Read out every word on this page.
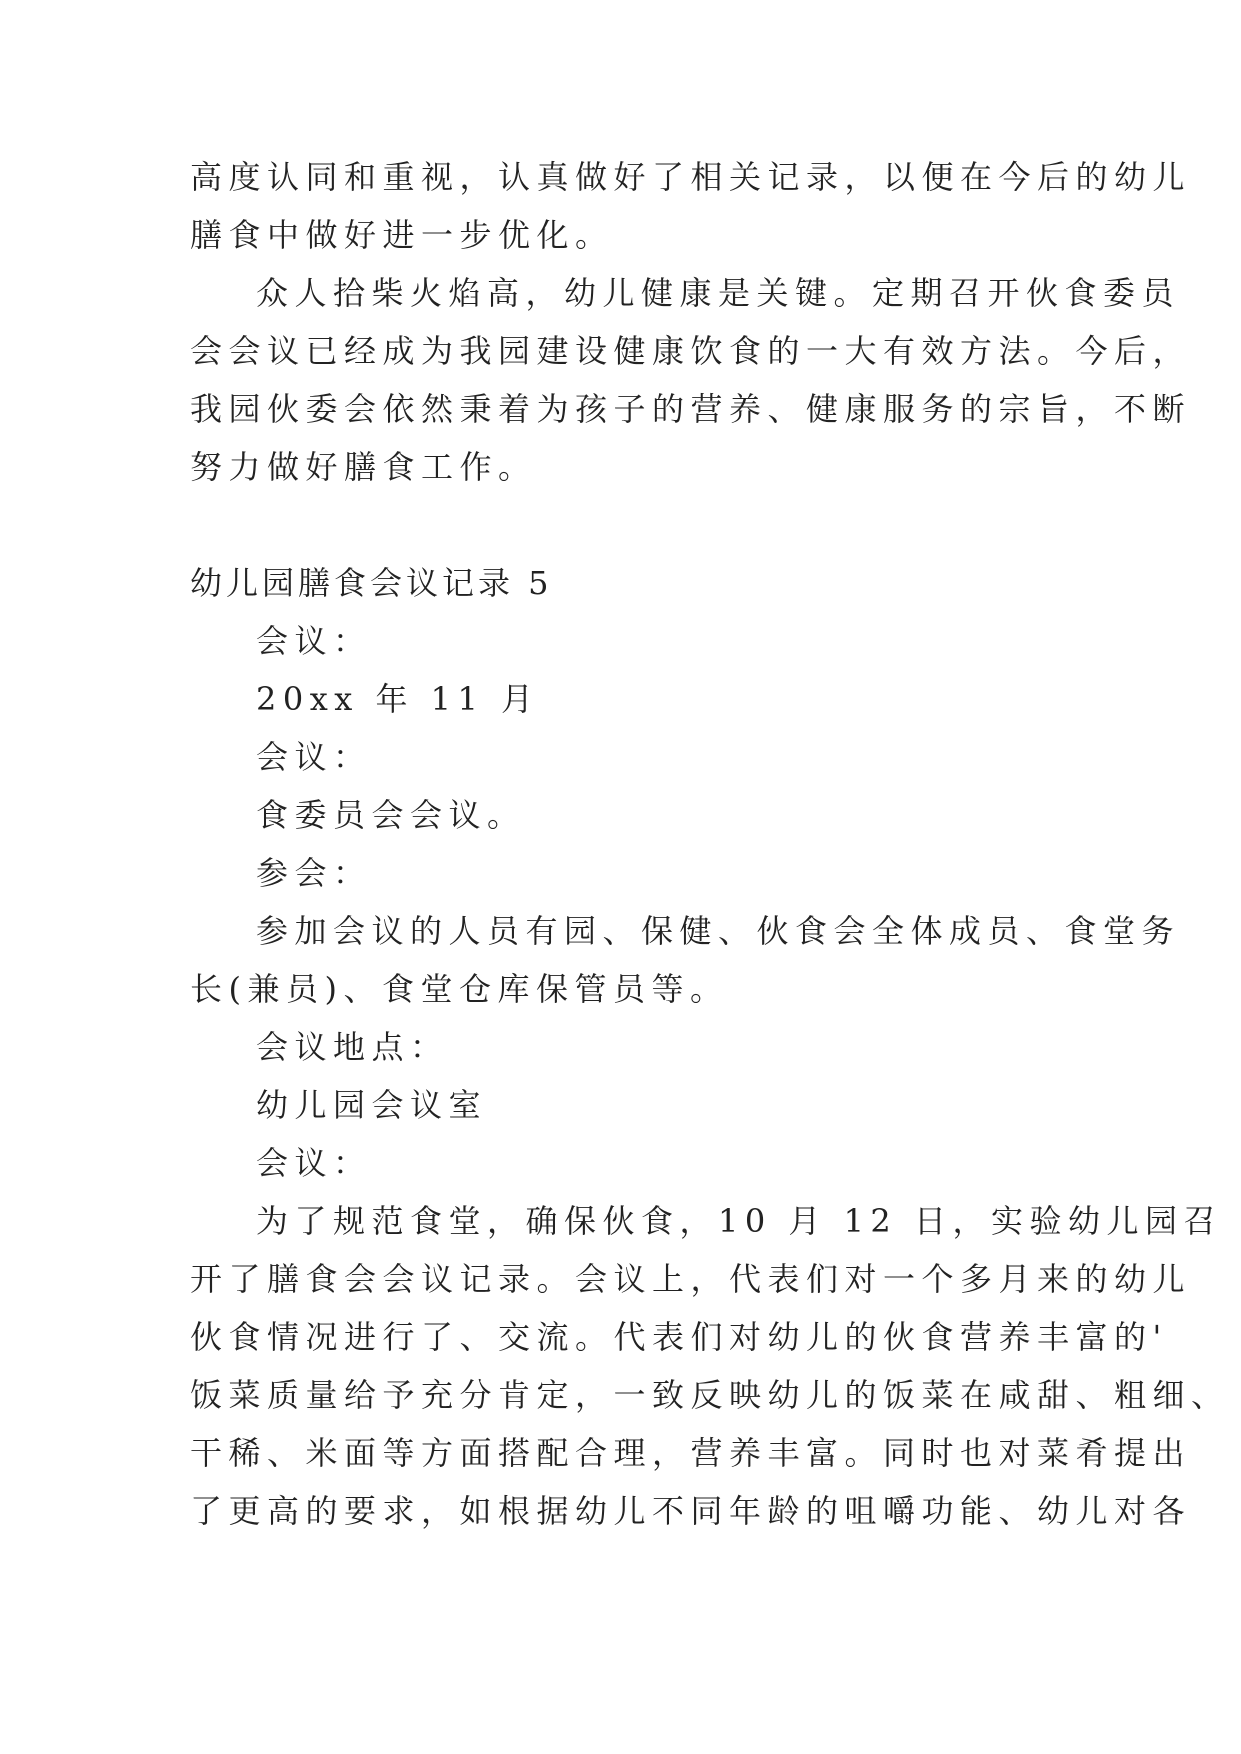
高度认同和重视，认真做好了相关记录，以便在今后的幼儿
膳食中做好进一步优化。
众人拾柴火焰高，幼儿健康是关键。定期召开伙食委员
会会议已经成为我园建设健康饮食的一大有效方法。今后，
我园伙委会依然秉着为孩子的营养、健康服务的宗旨，不断
努力做好膳食工作。
幼儿园膳食会议记录 5
会议：
20xx 年 11 月
会议：
食委员会会议。
参会：
参加会议的人员有园、保健、伙食会全体成员、食堂务
长(兼员)、食堂仓库保管员等。
会议地点：
幼儿园会议室
会议：
为了规范食堂，确保伙食，10 月 12 日，实验幼儿园召
开了膳食会会议记录。会议上，代表们对一个多月来的幼儿
伙食情况进行了、交流。代表们对幼儿的伙食营养丰富的'
饭菜质量给予充分肯定，一致反映幼儿的饭菜在咸甜、粗细、
干稀、米面等方面搭配合理，营养丰富。同时也对菜肴提出
了更高的要求，如根据幼儿不同年龄的咀嚼功能、幼儿对各
